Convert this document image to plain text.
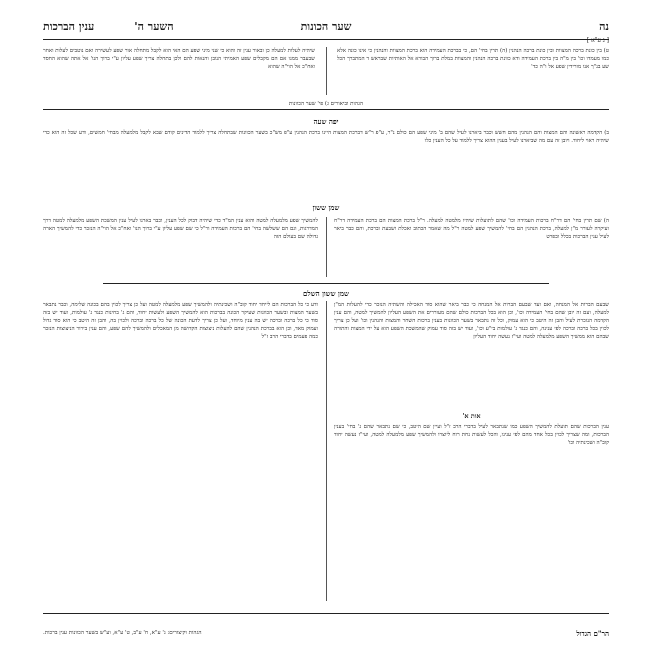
נה
שער הכונות
השער ה'
ענין הברכות
[ ג ע"א ]
ט) בין כונת ברכה המצוות ובין כונת ברכה הנהנין (ה) תרין בחי' הם, כי בברכת העמידה הוא ברכת המצוות והנהנין כי אינו כונה אלא כמו מעמדו וכו' בין מ"ה בין ברכת העמידה ודא כוונת ברכה הנהנין והמצוות במלת ברוך הבורא אל האותיות שבראש ד המתברך הכל שע בנ"ך אנו מורידין שפע אל ו"ה כד'
שיהיה לעלות למעלה כן ובאור ענין זה והוא כי שני מיני שפע הם האי הוא לקבל מתחלה אור שפע לעשירה ואם נוטבים לעלות ואחר שבעבר ממנו אם הם מקבלים שפע האמיתי הנובן והנאות להם ולכן בתחלה צריך שפע עליון ע"י ברוך הנו' אל אתה שהוא החסד ואח"כ אל הוי"ה שהוא
הגהות וביאורים ג) פי' שער הכוונות
יפה שעה
ב) הקדמה ראשונה והם המצות והם הנהנין מהם חשש וכבר ביארנו לעיל שהם ב' מיני שפע הם כולם נ"ר, ע"פ ר"ש דברכת המצות היינו ברכת הנהנין ע"פ מש"כ בשער הכוונות שבתחלה צריך ללמוד הדינים קודם שבא לקבל מלמעלה מבחי' חמשים, ודע שכל זה הוא כדי שיהיה ראוי ליחוד. ויובן זה עם מה שביארנו לעיל בענין ההוא צריך ללמוד על כל הענין כלו
שמן ששון
ה) שם תרין בחי' הם דר"ח ברכות העמידה וכו' שהם לתועלות שיהיו מלמטה למעלה. ר"ל ברכת המצות הם ברכת העמידה דר"ח ועיקרה לעורר מ"ן למעלה, ברכת הנהנין הם בחי' להמשיך שפע למטה ר"ל מה שאמר הכתוב ואכלת ושבעת וברכת, והם כבר ביאר לעיל ענין הברכות בכלל ובפרט
להמשיך שפע מלמעלה למטה והוא ענין המ"ד כדי שיהיה דבוק לכל הענין, וכבר בארנו לעיל ענין המשכת השפע מלמעלה למטה דרך המדרגות, וגם הם ששלשה בחי' הם ברכות העמידה ור"ל כי שם שפע עליון ע"י ברוך הנו' ואח"כ אל הוי"ה הנזכר כדי להמשיך הארה גדולה שם בעולם הזה
שמן ששון השלם
שבעם הברות אל המנחה, ואם ועד שבעם הברות אל המנחה כי כבר ביאר שהוא סוד האכילה והשתיה הנזכר כדי להעלות המ"ן למעלה, ועם זה יובן שהם בחי' העמידה וכו', וכן הוא בכל הברכות כולם שהם מעוררים את השפע העליון להמשיך למטה, והם ענין הקדמה הנזכרת לעיל והבן זה היטב כי הוא עמוק, וכל זה נתבאר בשער הכוונות בענין ברכות השחר והמצות והנהנין וכו' ועל כן צריך לכוין בכל ברכה וברכה לפי ענינה, והם כנגד ג' עולמות בי"ע וכו', ועוד יש בזה סוד עמוק שהמשכת השפע הוא על ידי המצות והתורה שבהם הוא ממשיך השפע מלמעלה למטה ועי"ז נעשה יחוד העליון
אות א'
ענין הברכות שהם תועלת להמשיך השפע כמו שנתבאר לעיל בדברי הרב ז"ל ועיין שם היטב, כי שם נתבאר שהם ג' בחי' בענין הברכות, ומה שצריך לכוין בכל אחד מהם לפי ענינו, והכל לעשות נחת רוח ליוצרו ולהמשיך שפע מלמעלה למטה, ועי"ז נעשה יחוד קוב"ה ושכינתיה וכו'
ודע כי כל הברכות הם לייחד יחוד קוב"ה ושכינתיה ולהמשיך שפע מלמעלה למטה ועל כן צריך לכוין בהם בכונה שלימה, וכבר נתבאר בשער המצות ובשער הכוונות שעיקר הכונה בברכות הוא להמשיך השפע ולעשות יחוד, והם ג' בחינות כנגד ג' עולמות, ועוד יש בזה סוד כי כל ברכה וברכה יש בה ענין מיוחד, ועל כן צריך לדעת הכונה של כל ברכה וברכה ולכוין בה, והבן זה היטב כי הוא סוד גדול ועמוק מאד, וכן הוא בברכת הנהנין שהם להעלות ניצוצות הקדושה מן המאכלים ולהמשיך להם שפע, והם ענין בירור הניצוצות הנזכר כמה פעמים בדברי הרב ז"ל
הר"ם הגדול
הגהות וקיצורים: ג' ע"א, ח' ע"ב, ט' ע"א, וע"ש בשער הכוונות ענין ברכות.
